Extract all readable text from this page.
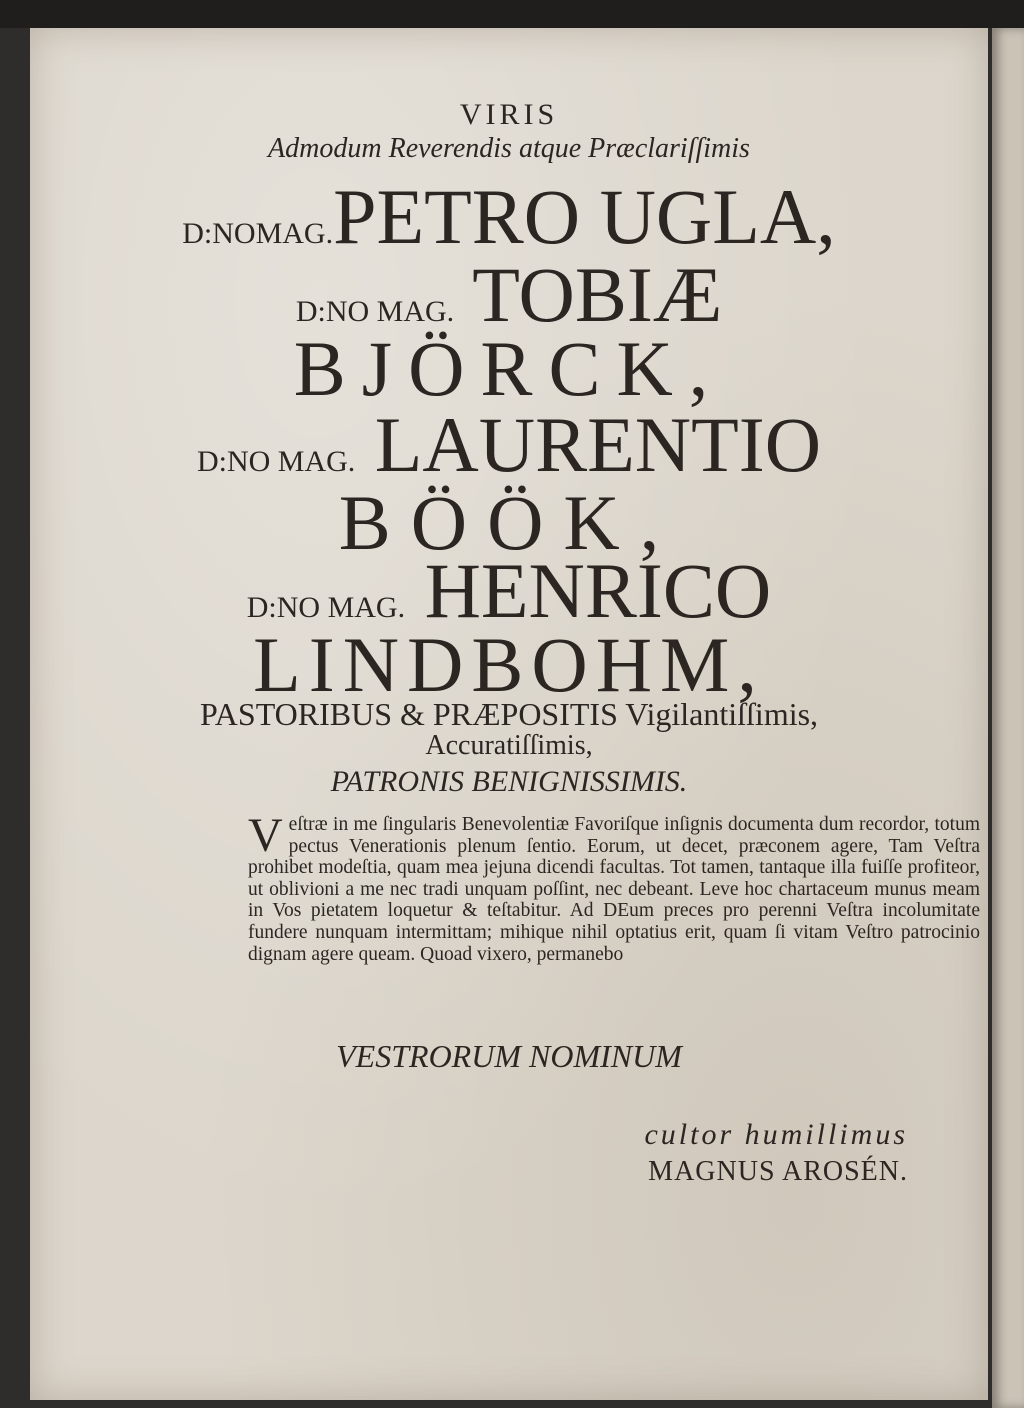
VIRIS
Admodum Reverendis atque Præclariſſimis
D:NOMAG.PETRO UGLA,
D:NO MAG. TOBIÆ
BJÖRCK,
D:NO MAG. LAURENTIO
BÖÖK,
D:NO MAG. HENRICO
LINDBOHM,
PASTORIBUS & PRÆPOSITIS Vigilantiſſimis,
Accuratiſſimis,
PATRONIS BENIGNISSIMIS.
Veſtræ in me ſingularis Benevolentiæ Favoriſque inſignis documenta dum recordor, totum pectus Venerationis plenum ſentio. Eorum, ut decet, præconem agere, Tam Veſtra prohibet modeſtia, quam mea jejuna dicendi facultas. Tot tamen, tantaque illa fuiſſe profiteor, ut oblivioni a me nec tradi unquam poſſint, nec debeant. Leve hoc chartaceum munus meam in Vos pietatem loquetur & teſtabitur. Ad DEum preces pro perenni Veſtra incolumitate fundere nunquam intermittam; mihique nihil optatius erit, quam ſi vitam Veſtro patrocinio dignam agere queam. Quoad vixero, permanebo
VESTRORUM NOMINUM
cultor humillimus
MAGNUS AROSÉN.
